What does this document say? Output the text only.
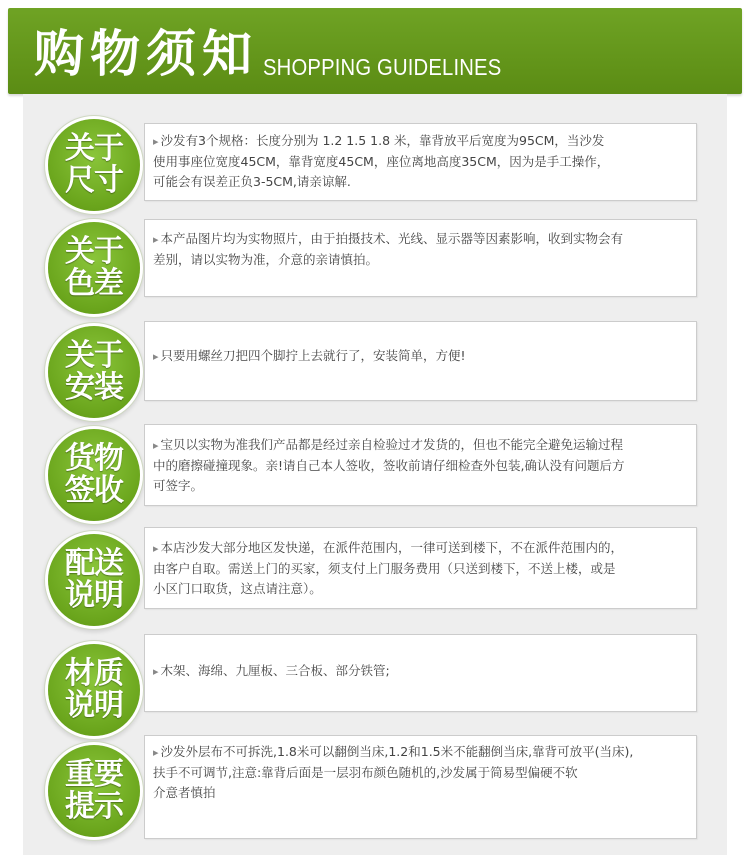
购物须知 SHOPPING GUIDELINES
关于
尺寸
▸ 沙发有3个规格：长度分别为 1.2 1.5 1.8 米，靠背放平后宽度为95CM，当沙发
使用事座位宽度45CM，靠背宽度45CM，座位离地高度35CM，因为是手工操作，
可能会有误差正负3-5CM,请亲谅解.
关于
色差
▸ 本产品图片均为实物照片，由于拍摄技术、光线、显示器等因素影响，收到实物会有
差别，请以实物为准，介意的亲请慎拍。
关于
安装
▸ 只要用螺丝刀把四个脚拧上去就行了，安装简单，方便!
货物
签收
▸ 宝贝以实物为准我们产品都是经过亲自检验过才发货的，但也不能完全避免运输过程
中的磨擦碰撞现象。亲!请自己本人签收，签收前请仔细检查外包装,确认没有问题后方
可签字。
配送
说明
▸ 本店沙发大部分地区发快递，在派件范围内，一律可送到楼下，不在派件范围内的，
由客户自取。需送上门的买家，须支付上门服务费用（只送到楼下，不送上楼，或是
小区门口取货，这点请注意）。
材质
说明
▸ 木架、海绵、九厘板、三合板、部分铁管;
重要
提示
▸ 沙发外层布不可拆洗,1.8米可以翻倒当床,1.2和1.5米不能翻倒当床,靠背可放平(当床),
扶手不可调节,注意:靠背后面是一层羽布颜色随机的,沙发属于简易型偏硬不软
介意者慎拍
